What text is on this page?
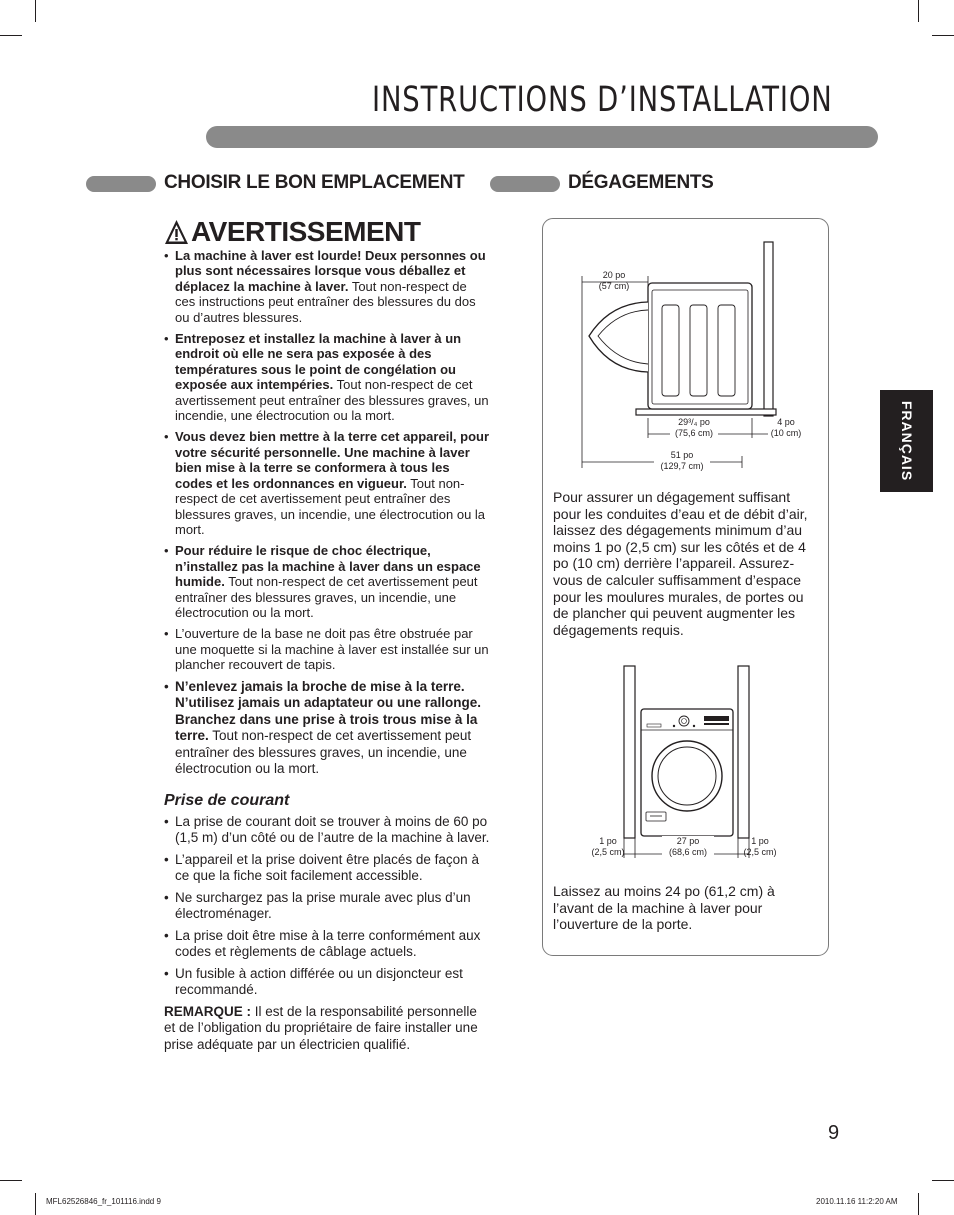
INSTRUCTIONS D’INSTALLATION
CHOISIR LE BON EMPLACEMENT	DÉGAGEMENTS
AVERTISSEMENT
• La machine à laver est lourde! Deux personnes ou plus sont nécessaires lorsque vous déballez et déplacez la machine à laver. Tout non-respect de ces instructions peut entraîner des blessures du dos ou d’autres blessures.
• Entreposez et installez la machine à laver à un endroit où elle ne sera pas exposée à des températures sous le point de congélation ou exposée aux intempéries. Tout non-respect de cet avertissement peut entraîner des blessures graves, un incendie, une électrocution ou la mort.
• Vous devez bien mettre à la terre cet appareil, pour votre sécurité personnelle. Une machine à laver bien mise à la terre se conformera à tous les codes et les ordonnances en vigueur. Tout non-respect de cet avertissement peut entraîner des blessures graves, un incendie, une électrocution ou la mort.
• Pour réduire le risque de choc électrique, n’installez pas la machine à laver dans un espace humide. Tout non-respect de cet avertissement peut entraîner des blessures graves, un incendie, une électrocution ou la mort.
• L’ouverture de la base ne doit pas être obstruée par une moquette si la machine à laver est installée sur un plancher recouvert de tapis.
• N’enlevez jamais la broche de mise à la terre. N’utilisez jamais un adaptateur ou une rallonge. Branchez dans une prise à trois trous mise à la terre. Tout non-respect de cet avertissement peut entraîner des blessures graves, un incendie, une électrocution ou la mort.
Prise de courant
• La prise de courant doit se trouver à moins de 60 po (1,5 m) d’un côté ou de l’autre de la machine à laver.
• L’appareil et la prise doivent être placés de façon à ce que la fiche soit facilement accessible.
• Ne surchargez pas la prise murale avec plus d’un électroménager.
• La prise doit être mise à la terre conformément aux codes et règlements de câblage actuels.
• Un fusible à action différée ou un disjoncteur est recommandé.

REMARQUE : Il est de la responsabilité personnelle et de l’obligation du propriétaire de faire installer une prise adéquate par un électricien qualifié.

20 po
(57 cm)
29³/₄ po
(75,6 cm)
4 po
(10 cm)
51 po
(129,7 cm)
Pour assurer un dégagement suffisant pour les conduites d’eau et de débit d’air, laissez des dégagements minimum d’au moins 1 po (2,5 cm) sur les côtés et de 4 po (10 cm) derrière l’appareil. Assurez-vous de calculer suffisamment d’espace pour les moulures murales, de portes ou de plancher qui peuvent augmenter les dégagements requis.
1 po
(2,5 cm)
27 po
(68,6 cm)
1 po
(2,5 cm)
Laissez au moins 24 po (61,2 cm) à l’avant de la machine à laver pour l’ouverture de la porte.
FRANÇAIS
9
MFL62526846_fr_101116.indd 9	2010.11.16 11:2:20 AM
